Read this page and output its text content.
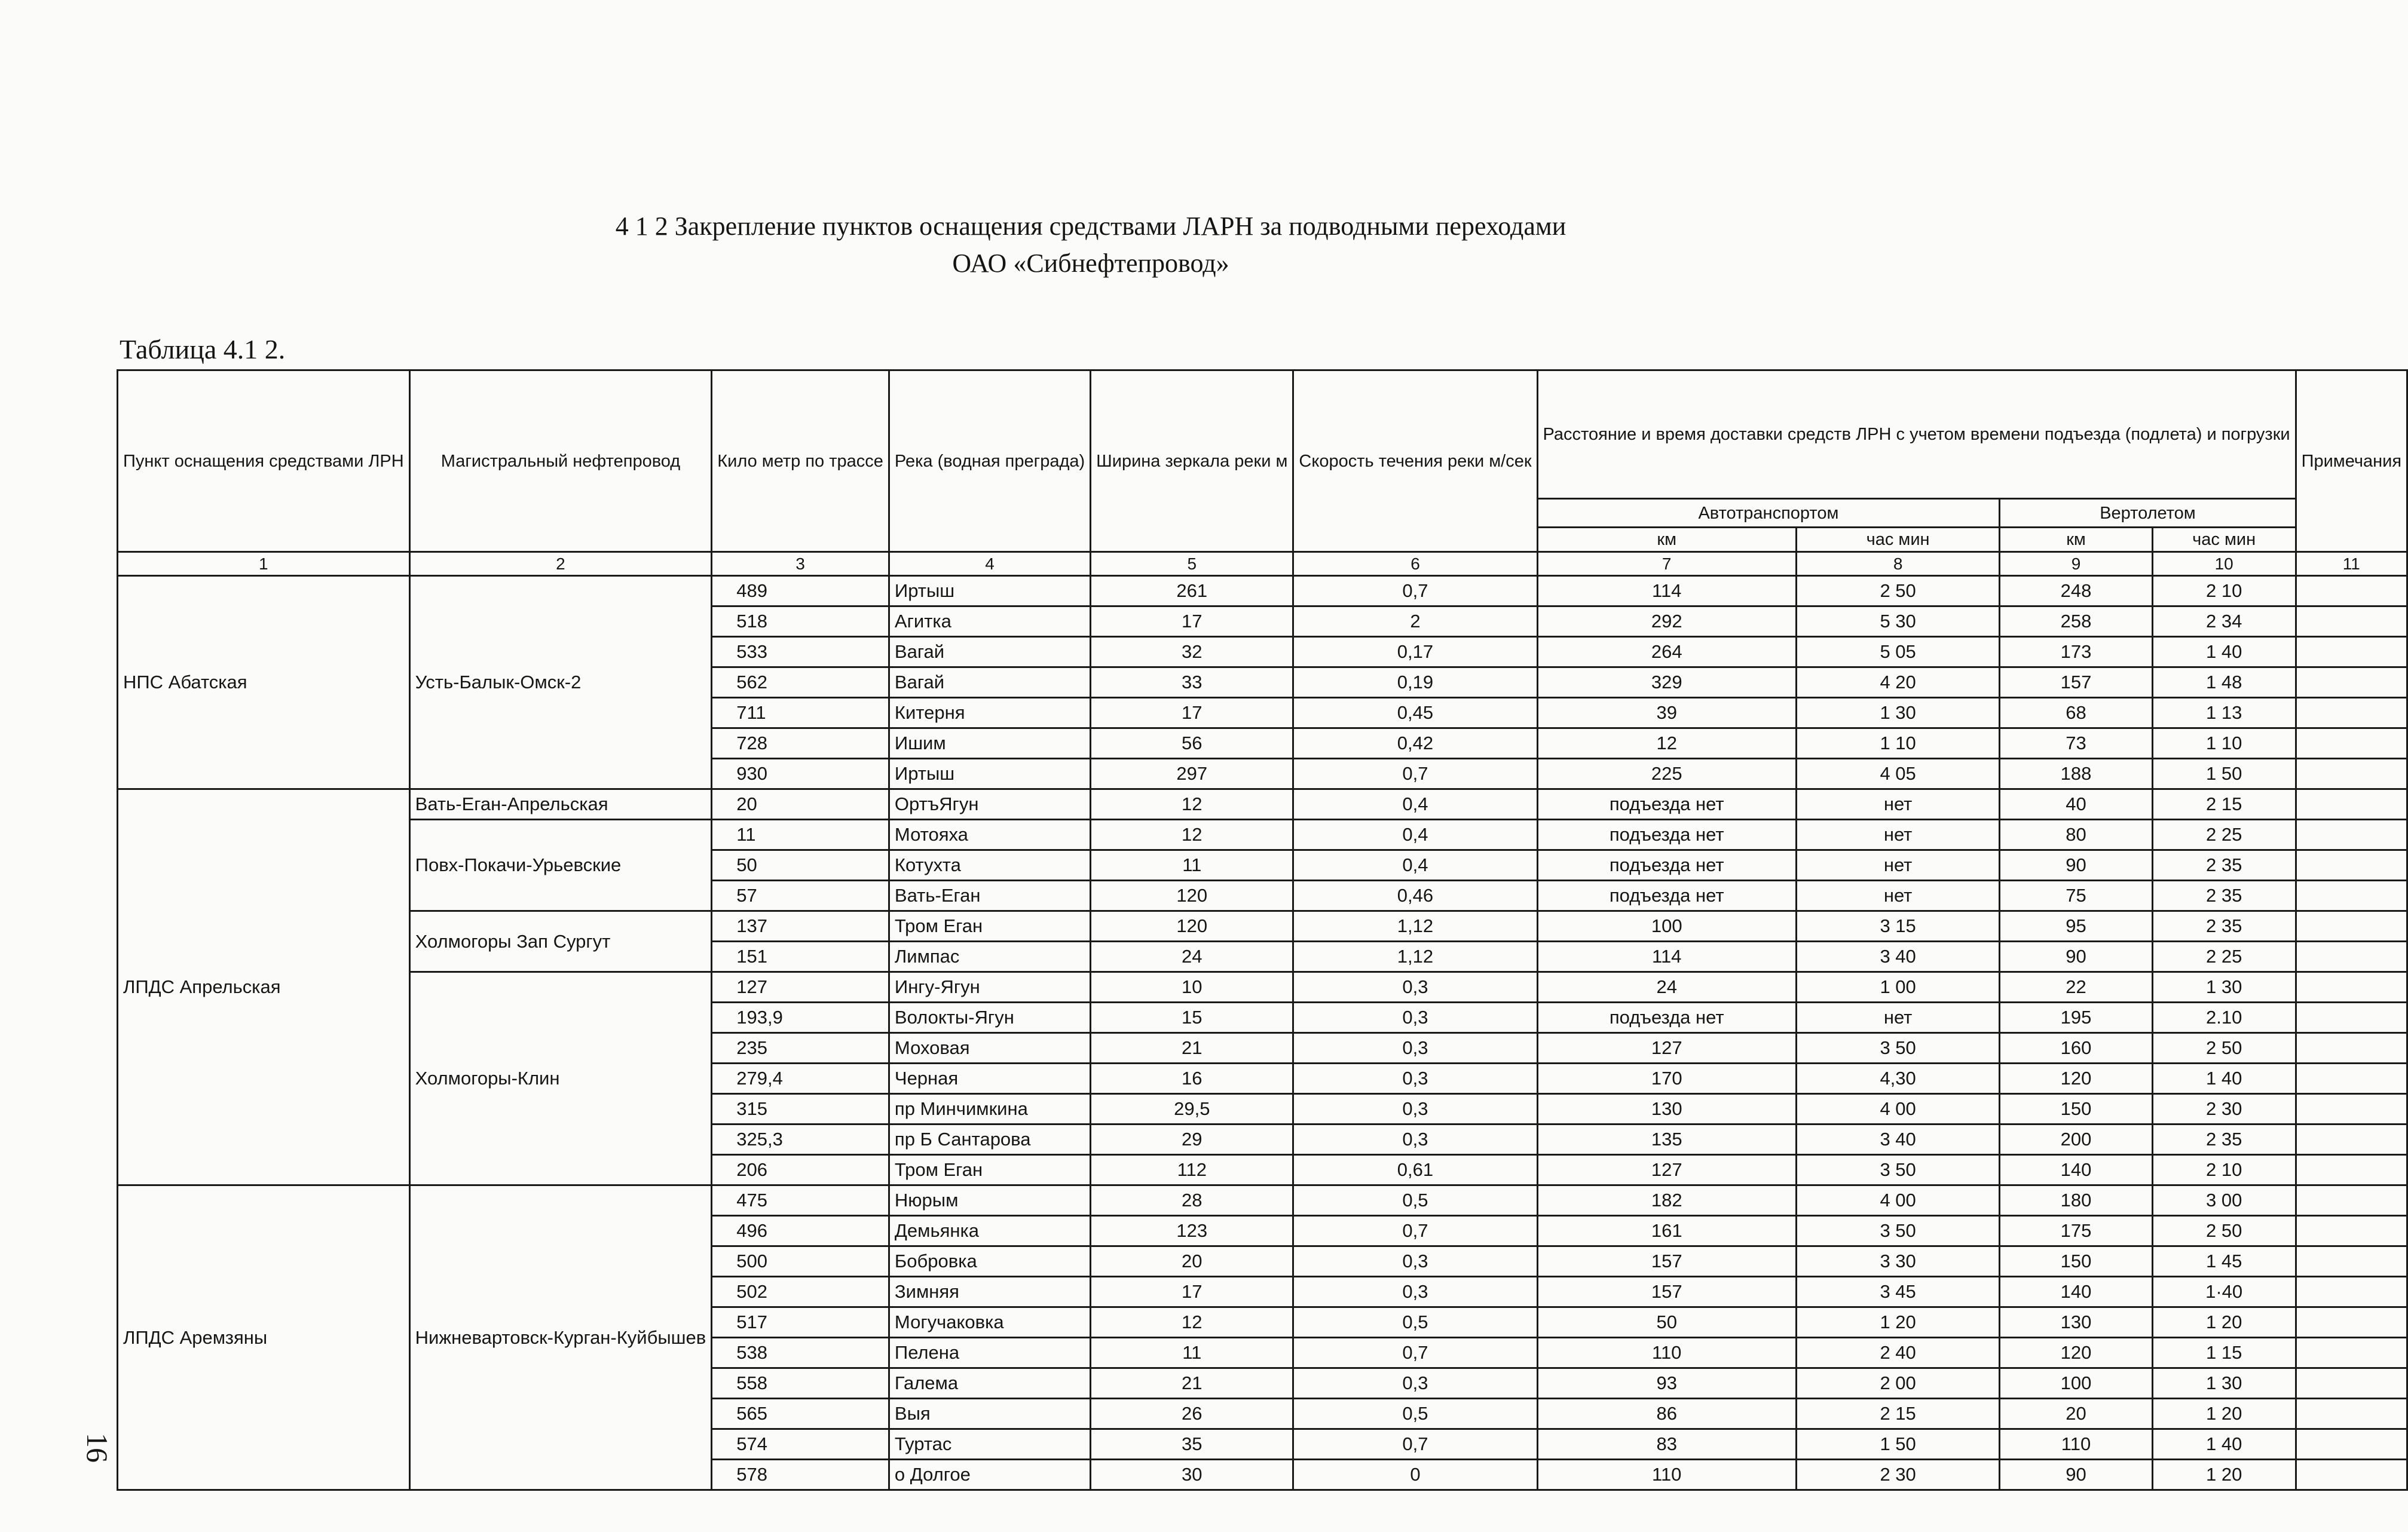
4 1 2 Закрепление пунктов оснащения средствами ЛАРН за подводными переходами
ОАО «Сибнефтепровод»
Таблица 4.1 2.
16
Пункт оснащения средствами ЛРН	Магистральный нефтепровод	Кило метр по трассе	Река (водная преграда)	Ширина зеркала реки м	Скорость течения реки м/сек	Расстояние и время доставки средств ЛРН с учетом времени подъезда (подлета) и погрузки				Примечания
						Автотранспортом		Вертолетом		
						км	час мин	км	час мин	
1	2	3	4	5	6	7	8	9	10	11
НПС Абатская	Усть-Балык-Омск-2	489	Иртыш	261	0,7	114	2 50	248	2 10	
		518	Агитка	17	2	292	5 30	258	2 34	
		533	Вагай	32	0,17	264	5 05	173	1 40	
		562	Вагай	33	0,19	329	4 20	157	1 48	
		711	Китерня	17	0,45	39	1 30	68	1 13	
		728	Ишим	56	0,42	12	1 10	73	1 10	
		930	Иртыш	297	0,7	225	4 05	188	1 50	
ЛПДС Апрельская	Вать-Еган-Апрельская	20	ОртъЯгун	12	0,4	подъезда нет	нет	40	2 15	
	Повх-Покачи-Урьевские	11	Мотояха	12	0,4	подъезда нет	нет	80	2 25	
		50	Котухта	11	0,4	подъезда нет	нет	90	2 35	
		57	Вать-Еган	120	0,46	подъезда нет	нет	75	2 35	
	Холмогоры Зап Сургут	137	Тром Еган	120	1,12	100	3 15	95	2 35	
		151	Лимпас	24	1,12	114	3 40	90	2 25	
	Холмогоры-Клин	127	Ингу-Ягун	10	0,3	24	1 00	22	1 30	
		193,9	Волокты-Ягун	15	0,3	подъезда нет	нет	195	2.10	
		235	Моховая	21	0,3	127	3 50	160	2 50	
		279,4	Черная	16	0,3	170	4,30	120	1 40	
		315	пр Минчимкина	29,5	0,3	130	4 00	150	2 30	
		325,3	пр Б Сантарова	29	0,3	135	3 40	200	2 35	
		206	Тром Еган	112	0,61	127	3 50	140	2 10	
ЛПДС Аремзяны	Нижневартовск-Курган-Куйбышев	475	Нюрым	28	0,5	182	4 00	180	3 00	
		496	Демьянка	123	0,7	161	3 50	175	2 50	
		500	Бобровка	20	0,3	157	3 30	150	1 45	
		502	Зимняя	17	0,3	157	3 45	140	1·40	
		517	Могучаковка	12	0,5	50	1 20	130	1 20	
		538	Пелена	11	0,7	110	2 40	120	1 15	
		558	Галема	21	0,3	93	2 00	100	1 30	
		565	Выя	26	0,5	86	2 15	20	1 20	
		574	Туртас	35	0,7	83	1 50	110	1 40	
		578	о Долгое	30	0	110	2 30	90	1 20	
